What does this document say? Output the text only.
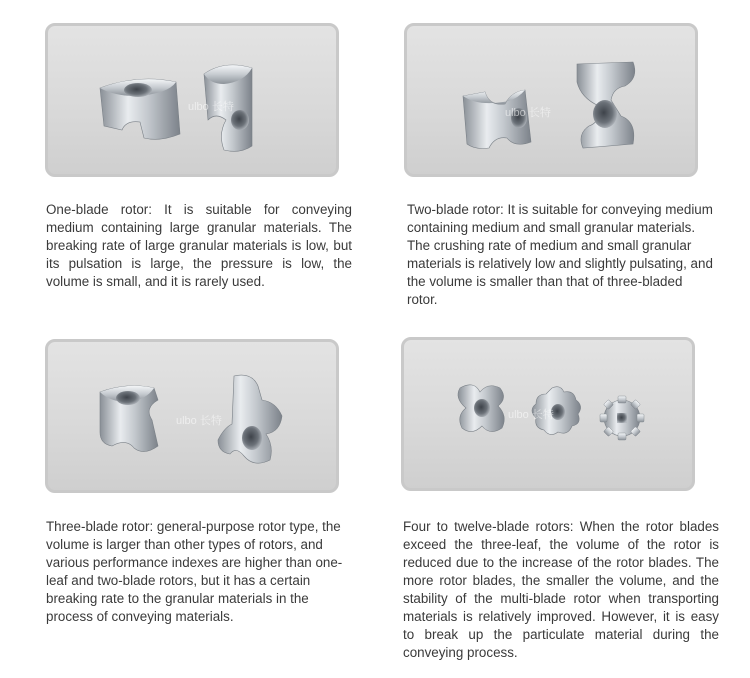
ulbo 长特	ulbo 长特
ulbo 长特	ulbo 长特

One-blade rotor: It is suitable for conveying medium containing large granular materials. The breaking rate of large granular materials is low, but its pulsation is large, the pressure is low, the volume is small, and it is rarely used.

Two-blade rotor: It is suitable for conveying medium containing medium and small granular materials. The crushing rate of medium and small granular materials is relatively low and slightly pulsating, and the volume is smaller than that of three-bladed rotor.

Three-blade rotor: general-purpose rotor type, the volume is larger than other types of rotors, and various performance indexes are higher than one-leaf and two-blade rotors, but it has a certain breaking rate to the granular materials in the process of conveying materials.

Four to twelve-blade rotors: When the rotor blades exceed the three-leaf, the volume of the rotor is reduced due to the increase of the rotor blades. The more rotor blades, the smaller the volume, and the stability of the multi-blade rotor when transporting materials is relatively improved. However, it is easy to break up the particulate material during the conveying process.
